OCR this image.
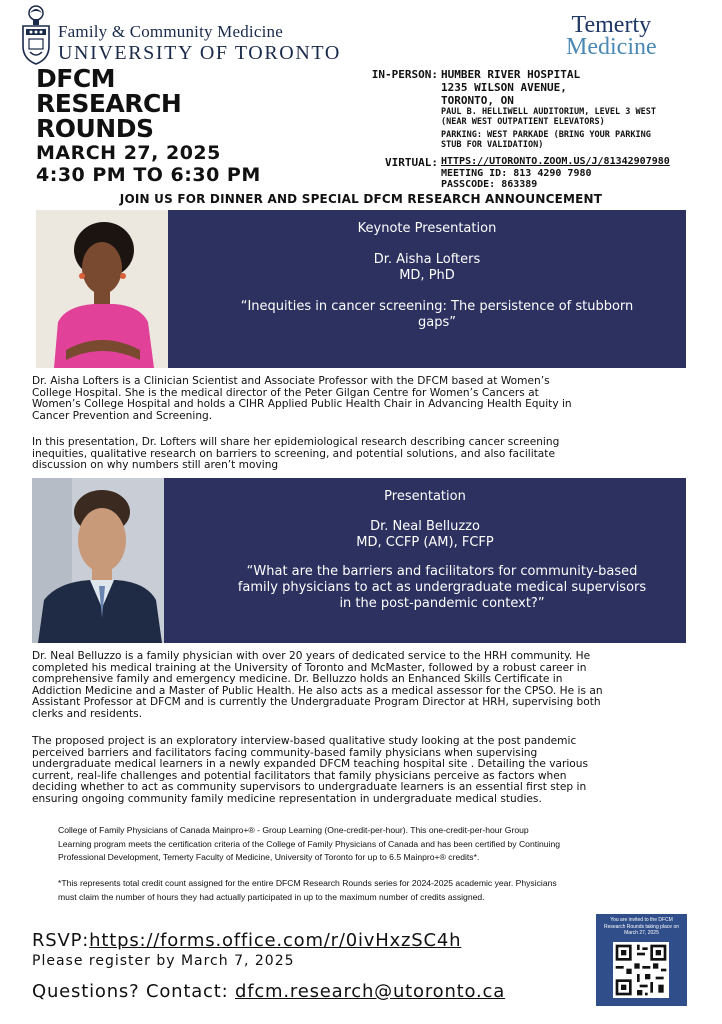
Family & Community Medicine
UNIVERSITY OF TORONTO
Temerty
Medicine
DFCM
RESEARCH
ROUNDS
MARCH 27, 2025
4:30 PM TO 6:30 PM
IN-PERSON: HUMBER RIVER HOSPITAL
1235 WILSON AVENUE,
TORONTO, ON
PAUL B. HELLIWELL AUDITORIUM, LEVEL 3 WEST
(NEAR WEST OUTPATIENT ELEVATORS)
PARKING: WEST PARKADE (BRING YOUR PARKING
STUB FOR VALIDATION)
VIRTUAL: HTTPS://UTORONTO.ZOOM.US/J/81342907980
MEETING ID: 813 4290 7980
PASSCODE: 863389
JOIN US FOR DINNER AND SPECIAL DFCM RESEARCH ANNOUNCEMENT
Keynote Presentation
Dr. Aisha Lofters
MD, PhD
“Inequities in cancer screening: The persistence of stubborn
gaps”
Dr. Aisha Lofters is a Clinician Scientist and Associate Professor with the DFCM based at Women’s
College Hospital. She is the medical director of the Peter Gilgan Centre for Women’s Cancers at
Women’s College Hospital and holds a CIHR Applied Public Health Chair in Advancing Health Equity in
Cancer Prevention and Screening.
In this presentation, Dr. Lofters will share her epidemiological research describing cancer screening
inequities, qualitative research on barriers to screening, and potential solutions, and also facilitate
discussion on why numbers still aren’t moving
Presentation
Dr. Neal Belluzzo
MD, CCFP (AM), FCFP
“What are the barriers and facilitators for community-based
family physicians to act as undergraduate medical supervisors
in the post-pandemic context?”
Dr. Neal Belluzzo is a family physician with over 20 years of dedicated service to the HRH community. He
completed his medical training at the University of Toronto and McMaster, followed by a robust career in
comprehensive family and emergency medicine. Dr. Belluzzo holds an Enhanced Skills Certificate in
Addiction Medicine and a Master of Public Health. He also acts as a medical assessor for the CPSO. He is an
Assistant Professor at DFCM and is currently the Undergraduate Program Director at HRH, supervising both
clerks and residents.
The proposed project is an exploratory interview-based qualitative study looking at the post pandemic
perceived barriers and facilitators facing community-based family physicians when supervising
undergraduate medical learners in a newly expanded DFCM teaching hospital site . Detailing the various
current, real-life challenges and potential facilitators that family physicians perceive as factors when
deciding whether to act as community supervisors to undergraduate learners is an essential first step in
ensuring ongoing community family medicine representation in undergraduate medical studies.
College of Family Physicians of Canada Mainpro+® - Group Learning (One-credit-per-hour). This one-credit-per-hour Group
Learning program meets the certification criteria of the College of Family Physicians of Canada and has been certified by Continuing
Professional Development, Temerty Faculty of Medicine, University of Toronto for up to 6.5 Mainpro+® credits*.
*This represents total credit count assigned for the entire DFCM Research Rounds series for 2024-2025 academic year. Physicians
must claim the number of hours they had actually participated in up to the maximum number of credits assigned.
RSVP:https://forms.office.com/r/0ivHxzSC4h
Please register by March 7, 2025
Questions? Contact: dfcm.research@utoronto.ca
You are invited to the DFCM Research Rounds taking place on March 27, 2025
